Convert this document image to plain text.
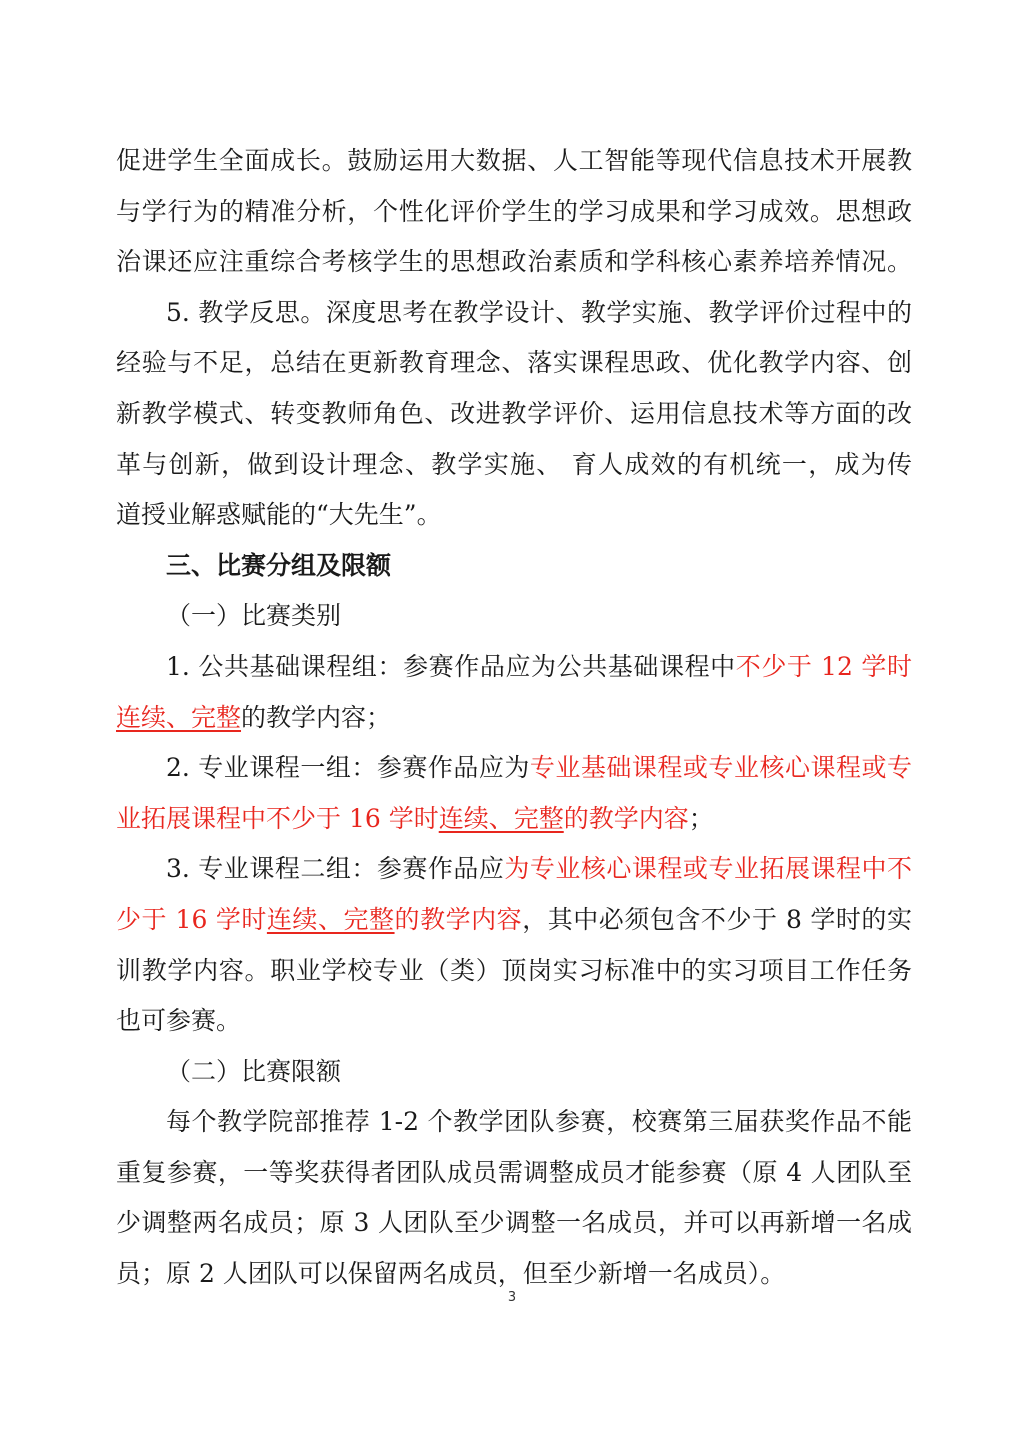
促进学生全面成长。鼓励运用大数据、人工智能等现代信息技术开展教
与学行为的精准分析，个性化评价学生的学习成果和学习成效。思想政
治课还应注重综合考核学生的思想政治素质和学科核心素养培养情况。
5. 教学反思。深度思考在教学设计、教学实施、教学评价过程中的
经验与不足，总结在更新教育理念、落实课程思政、优化教学内容、创
新教学模式、转变教师角色、改进教学评价、运用信息技术等方面的改
革与创新，做到设计理念、教学实施、 育人成效的有机统一，成为传
道授业解惑赋能的“大先生”。
三、比赛分组及限额
（一）比赛类别
1. 公共基础课程组：参赛作品应为公共基础课程中不少于 12 学时
连续、完整的教学内容；
2. 专业课程一组：参赛作品应为专业基础课程或专业核心课程或专
业拓展课程中不少于 16 学时连续、完整的教学内容；
3. 专业课程二组：参赛作品应为专业核心课程或专业拓展课程中不
少于 16 学时连续、完整的教学内容，其中必须包含不少于 8 学时的实
训教学内容。职业学校专业（类）顶岗实习标准中的实习项目工作任务
也可参赛。
（二）比赛限额
每个教学院部推荐 1-2 个教学团队参赛，校赛第三届获奖作品不能
重复参赛，一等奖获得者团队成员需调整成员才能参赛（原 4 人团队至
少调整两名成员；原 3 人团队至少调整一名成员，并可以再新增一名成
员；原 2 人团队可以保留两名成员，但至少新增一名成员）。
3
